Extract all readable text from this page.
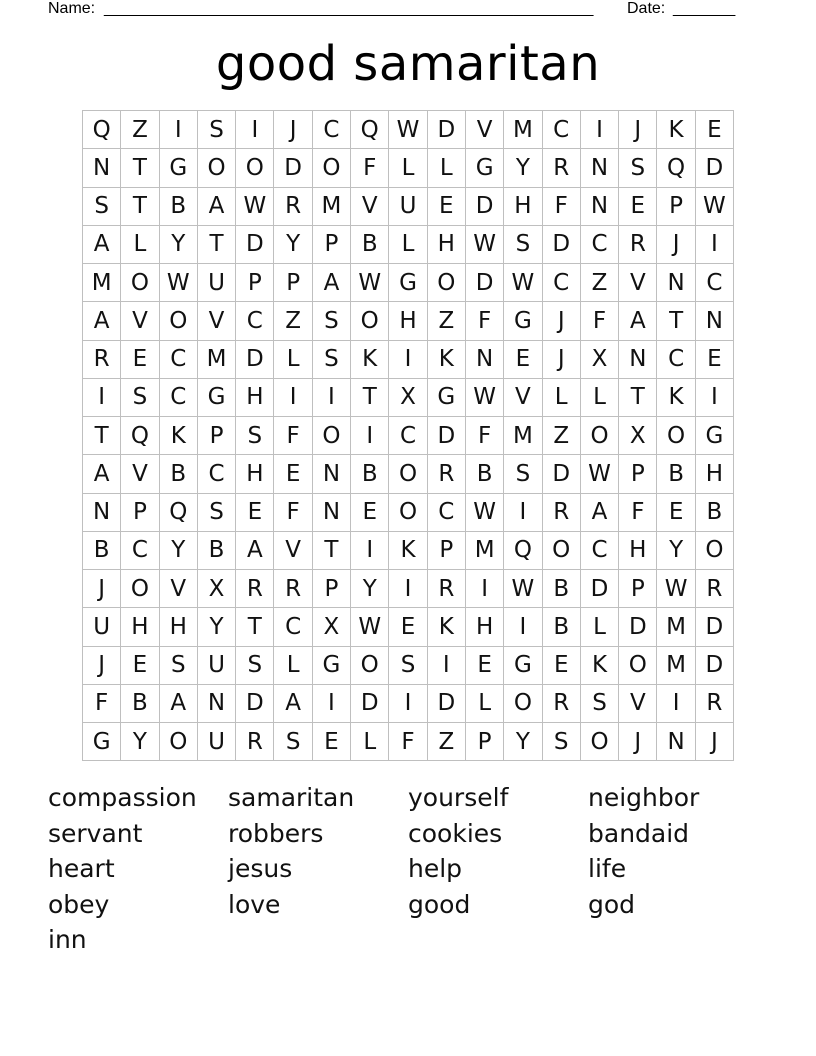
Name: _______________________________________________________ Date: _______
good samaritan
Q Z	I	S	I	J	C Q W D V M C	I	J	K	E
N T G O O D O F	L	L G Y	R N S Q D
S	T	B A W R M V U E D H	F	N E	P W
A	L	Y	T D Y	P	B	L	H W S D C R	J	I
M O W U P	P	A W G O D W C Z V N C
A V O V C Z	S O H Z	F G	J	F	A	T N
R	E C M D	L	S	K	I	K N E	J	X N C	E
I	S C G H	I	I	T	X G W V	L	L	T	K	I
T Q K	P	S	F O	I	C D F M Z O X O G
A V B C H E N B O R B	S D W P	B H
N P Q S	E	F	N E O C W	I	R A	F	E	B
B C	Y	B A V	T	I	K	P M Q O C H Y O
J	O V X R R	P	Y	I	R	I	W B D P W R
U H H Y	T	C X W E	K H	I	B	L	D M D
J	E	S U S	L G O S	I	E G E	K O M D
F	B A N D A	I	D	I	D	L O R	S	V	I	R
G Y O U R	S	E	L	F	Z	P	Y	S O	J	N	J
compassion	samaritan	yourself	neighbor
servant	robbers	cookies	bandaid
heart	jesus	help	life
obey	love	good	god
inn
